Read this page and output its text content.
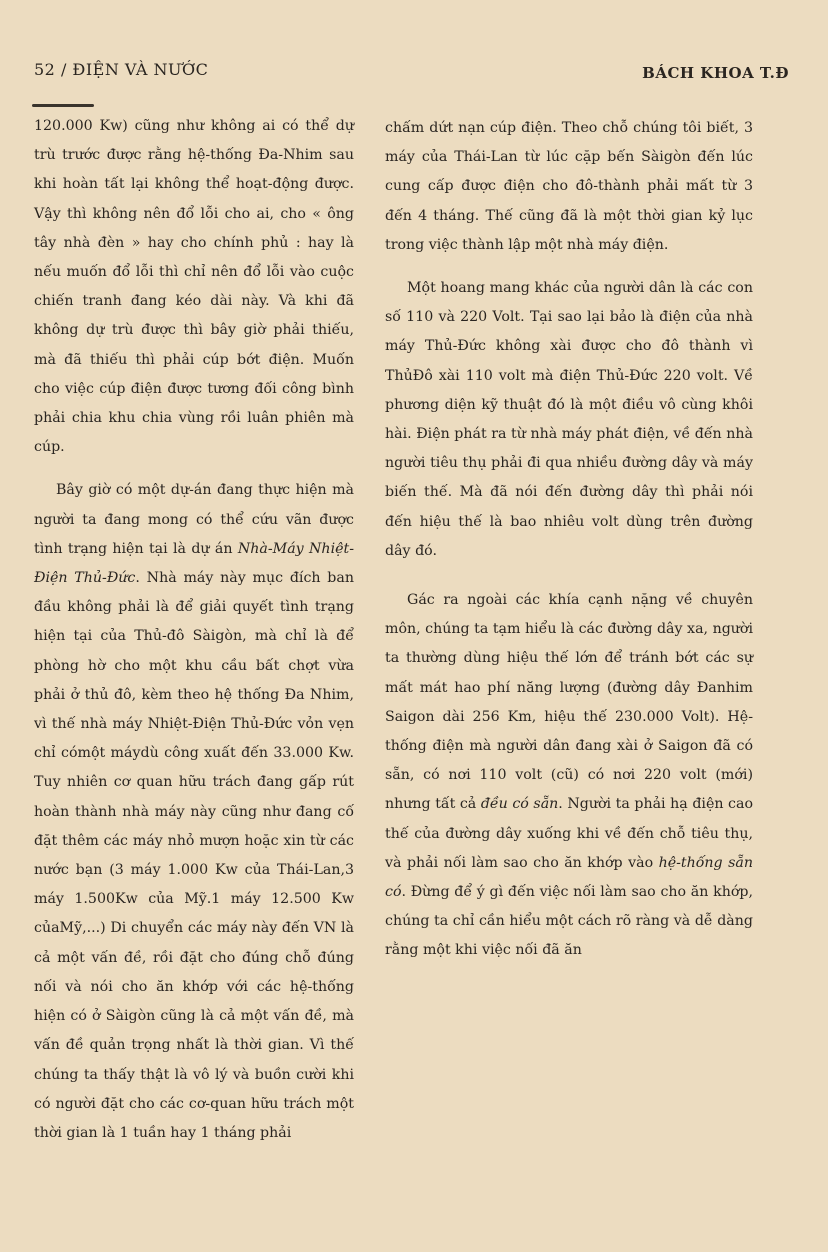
52 / ĐIỆN VÀ NƯỚC	BÁCH KHOA T.Đ

120.000 Kw) cũng như không ai có thể dự trù trước được rằng hệ-thống Đa-Nhim sau khi hoàn tất lại không thể hoạt-động được. Vậy thì không nên đổ lỗi cho ai, cho « ông tây nhà đèn » hay cho chính phủ : hay là nếu muốn đổ lỗi thì chỉ nên đổ lỗi vào cuộc chiến tranh đang kéo dài này. Và khi đã không dự trù được thì bây giờ phải thiếu, mà đã thiếu thì phải cúp bớt điện. Muốn cho việc cúp điện được tương đối công bình phải chia khu chia vùng rồi luân phiên mà cúp.

Bây giờ có một dự-án đang thực hiện mà người ta đang mong có thể cứu vãn được tình trạng hiện tại là dự án Nhà-Máy Nhiệt-Điện Thủ-Đức. Nhà máy này mục đích ban đầu không phải là để giải quyết tình trạng hiện tại của Thủ-đô Sàigòn, mà chỉ là để phòng hờ cho một khu cầu bất chợt vừa phải ở thủ đô, kèm theo hệ thống Đa Nhim, vì thế nhà máy Nhiệt-Điện Thủ-Đức vỏn vẹn chỉ cómột máydù công xuất đến 33.000 Kw. Tuy nhiên cơ quan hữu trách đang gấp rút hoàn thành nhà máy này cũng như đang cố đặt thêm các máy nhỏ mượn hoặc xin từ các nước bạn (3 máy 1.000 Kw của Thái-Lan,3 máy 1.500Kw của Mỹ.1 máy 12.500 Kw củaMỹ,...) Di chuyển các máy này đến VN là cả một vấn đề, rồi đặt cho đúng chỗ đúng nối và nói cho ăn khớp với các hệ-thống hiện có ở Sàigòn cũng là cả một vấn đề, mà vấn đề quản trọng nhất là thời gian. Vì thế chúng ta thấy thật là vô lý và buồn cười khi có người đặt cho các cơ-quan hữu trách một thời gian là 1 tuần hay 1 tháng phải

chấm dứt nạn cúp điện. Theo chỗ chúng tôi biết, 3 máy của Thái-Lan từ lúc cặp bến Sàigòn đến lúc cung cấp được điện cho đô-thành phải mất từ 3 đến 4 tháng. Thế cũng đã là một thời gian kỷ lục trong việc thành lập một nhà máy điện.

Một hoang mang khác của người dân là các con số 110 và 220 Volt. Tại sao lại bảo là điện của nhà máy Thủ-Đức không xài được cho đô thành vì ThủĐô xài 110 volt mà điện Thủ-Đức 220 volt. Về phương diện kỹ thuật đó là một điều vô cùng khôi hài. Điện phát ra từ nhà máy phát điện, về đến nhà người tiêu thụ phải đi qua nhiều đường dây và máy biến thế. Mà đã nói đến đường dây thì phải nói đến hiệu thế là bao nhiêu volt dùng trên đường dây đó.

Gác ra ngoài các khía cạnh nặng về chuyên môn, chúng ta tạm hiểu là các đường dây xa, người ta thường dùng hiệu thế lớn để tránh bớt các sự mất mát hao phí năng lượng (đường dây Đanhim Saigon dài 256 Km, hiệu thế 230.000 Volt). Hệ-thống điện mà người dân đang xài ở Saigon đã có sẵn, có nơi 110 volt (cũ) có nơi 220 volt (mới) nhưng tất cả đều có sẵn. Người ta phải hạ điện cao thế của đường dây xuống khi về đến chỗ tiêu thụ, và phải nối làm sao cho ăn khớp vào hệ-thống sẵn có. Đừng để ý gì đến việc nối làm sao cho ăn khớp, chúng ta chỉ cần hiểu một cách rõ ràng và dễ dàng rằng một khi việc nối đã ăn
